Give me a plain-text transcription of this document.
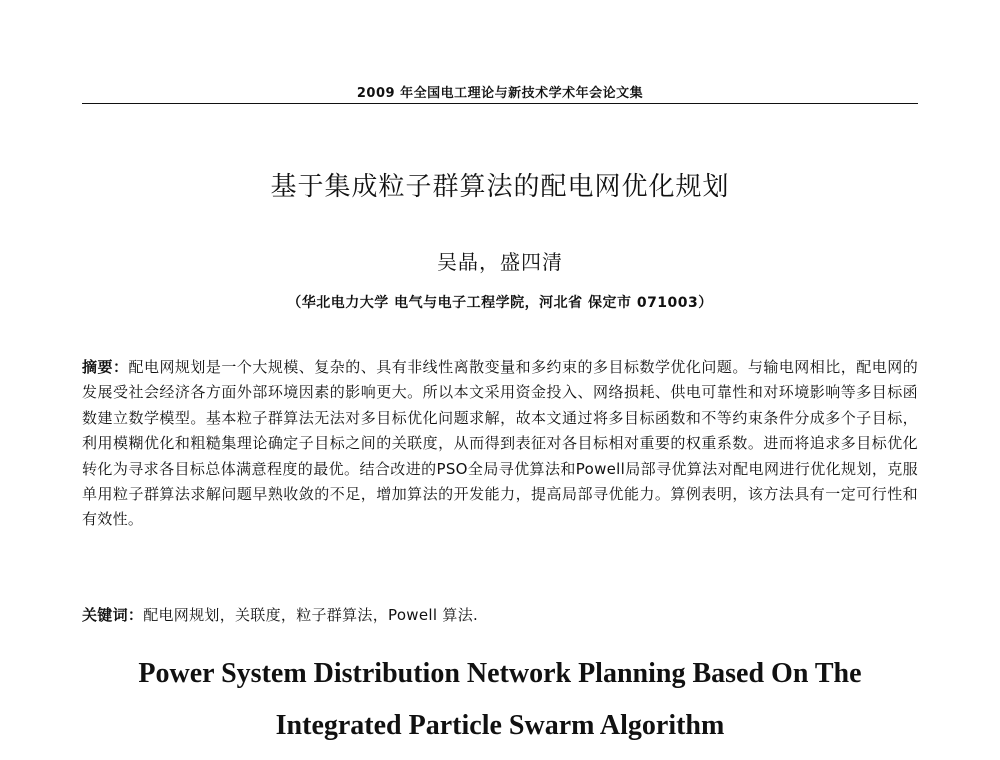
2009 年全国电工理论与新技术学术年会论文集
基于集成粒子群算法的配电网优化规划
吴晶，盛四清
（华北电力大学 电气与电子工程学院，河北省 保定市 071003）
摘要：配电网规划是一个大规模、复杂的、具有非线性离散变量和多约束的多目标数学优化问题。与输电网相比，配电网的发展受社会经济各方面外部环境因素的影响更大。所以本文采用资金投入、网络损耗、供电可靠性和对环境影响等多目标函数建立数学模型。基本粒子群算法无法对多目标优化问题求解，故本文通过将多目标函数和不等约束条件分成多个子目标，利用模糊优化和粗糙集理论确定子目标之间的关联度，从而得到表征对各目标相对重要的权重系数。进而将追求多目标优化转化为寻求各目标总体满意程度的最优。结合改进的PSO全局寻优算法和Powell局部寻优算法对配电网进行优化规划，克服单用粒子群算法求解问题早熟收敛的不足，增加算法的开发能力，提高局部寻优能力。算例表明，该方法具有一定可行性和有效性。
关键词：配电网规划，关联度，粒子群算法，Powell 算法.
Power System Distribution Network Planning Based On The
Integrated Particle Swarm Algorithm
